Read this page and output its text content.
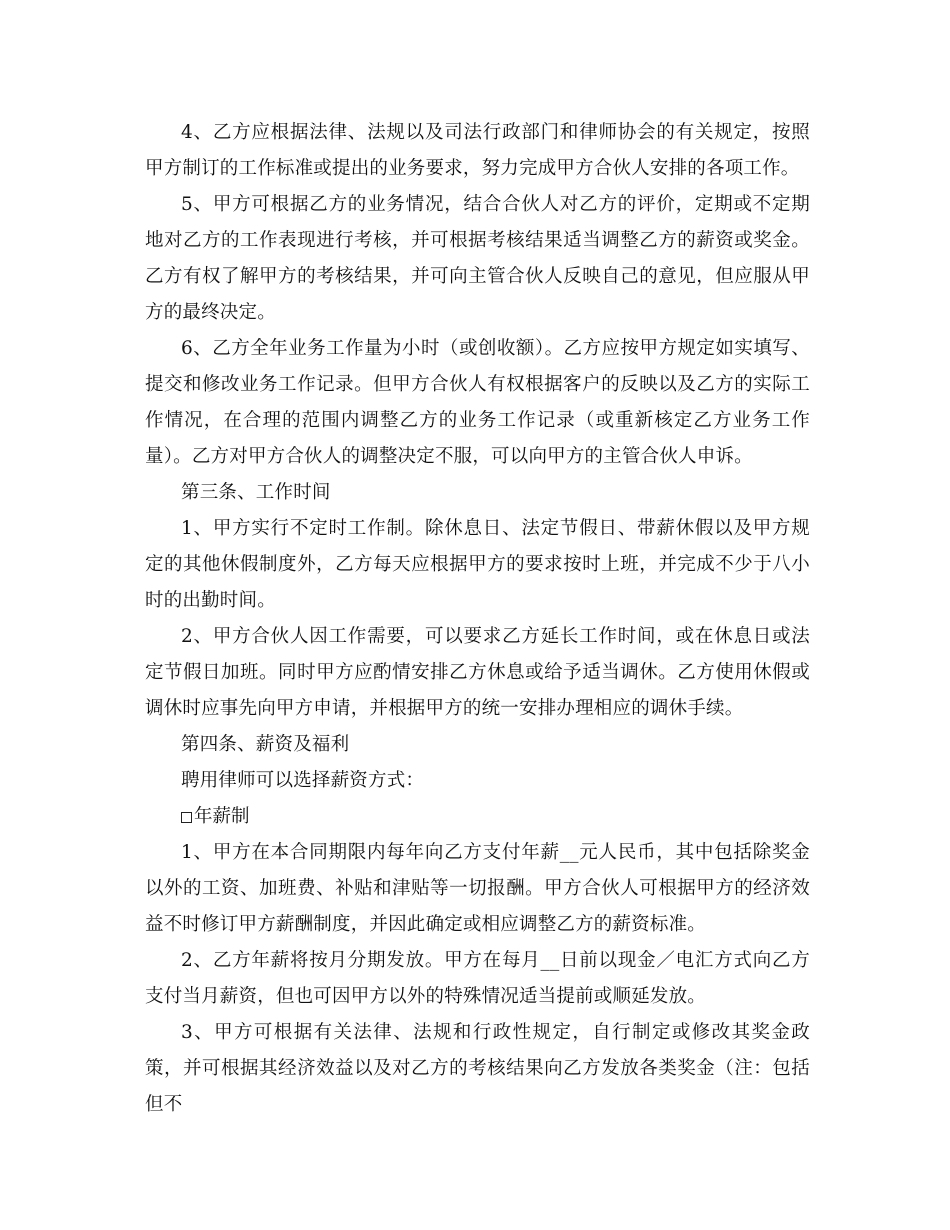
4、乙方应根据法律、法规以及司法行政部门和律师协会的有关规定，按照甲方制订的工作标准或提出的业务要求，努力完成甲方合伙人安排的各项工作。

5、甲方可根据乙方的业务情况，结合合伙人对乙方的评价，定期或不定期地对乙方的工作表现进行考核，并可根据考核结果适当调整乙方的薪资或奖金。乙方有权了解甲方的考核结果，并可向主管合伙人反映自己的意见，但应服从甲方的最终决定。

6、乙方全年业务工作量为小时（或创收额）。乙方应按甲方规定如实填写、提交和修改业务工作记录。但甲方合伙人有权根据客户的反映以及乙方的实际工作情况，在合理的范围内调整乙方的业务工作记录（或重新核定乙方业务工作量）。乙方对甲方合伙人的调整决定不服，可以向甲方的主管合伙人申诉。

第三条、工作时间

1、甲方实行不定时工作制。除休息日、法定节假日、带薪休假以及甲方规定的其他休假制度外，乙方每天应根据甲方的要求按时上班，并完成不少于八小时的出勤时间。

2、甲方合伙人因工作需要，可以要求乙方延长工作时间，或在休息日或法定节假日加班。同时甲方应酌情安排乙方休息或给予适当调休。乙方使用休假或调休时应事先向甲方申请，并根据甲方的统一安排办理相应的调休手续。

第四条、薪资及福利

聘用律师可以选择薪资方式：

年薪制

1、甲方在本合同期限内每年向乙方支付年薪__元人民币，其中包括除奖金以外的工资、加班费、补贴和津贴等一切报酬。甲方合伙人可根据甲方的经济效益不时修订甲方薪酬制度，并因此确定或相应调整乙方的薪资标准。

2、乙方年薪将按月分期发放。甲方在每月__日前以现金／电汇方式向乙方支付当月薪资，但也可因甲方以外的特殊情况适当提前或顺延发放。

3、甲方可根据有关法律、法规和行政性规定，自行制定或修改其奖金政策，并可根据其经济效益以及对乙方的考核结果向乙方发放各类奖金（注：包括但不
